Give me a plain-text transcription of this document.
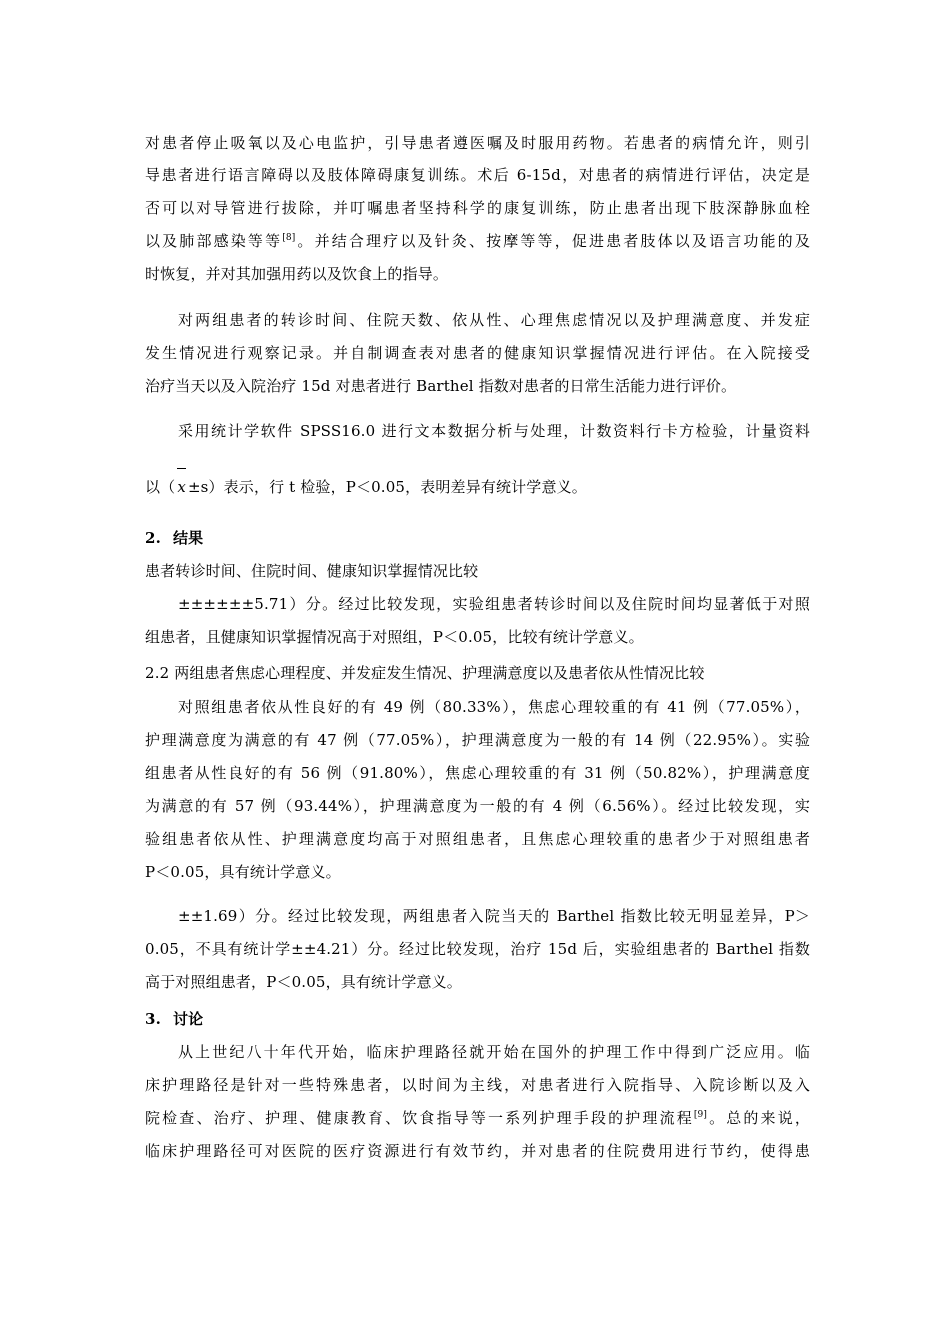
对患者停止吸氧以及心电监护，引导患者遵医嘱及时服用药物。若患者的病情允许，则引
导患者进行语言障碍以及肢体障碍康复训练。术后 6-15d，对患者的病情进行评估，决定是
否可以对导管进行拔除，并叮嘱患者坚持科学的康复训练，防止患者出现下肢深静脉血栓
以及肺部感染等等[8]。并结合理疗以及针灸、按摩等等，促进患者肢体以及语言功能的及
时恢复，并对其加强用药以及饮食上的指导。
对两组患者的转诊时间、住院天数、依从性、心理焦虑情况以及护理满意度、并发症
发生情况进行观察记录。并自制调查表对患者的健康知识掌握情况进行评估。在入院接受
治疗当天以及入院治疗 15d 对患者进行 Barthel 指数对患者的日常生活能力进行评价。
采用统计学软件 SPSS16.0 进行文本数据分析与处理，计数资料行卡方检验，计量资料
以（ x ±s）表示，行 t 检验，P＜0.05，表明差异有统计学意义。
2. 结果
患者转诊时间、住院时间、健康知识掌握情况比较
±±±±±±5.71）分。经过比较发现，实验组患者转诊时间以及住院时间均显著低于对照
组患者，且健康知识掌握情况高于对照组，P＜0.05，比较有统计学意义。
2.2 两组患者焦虑心理程度、并发症发生情况、护理满意度以及患者依从性情况比较
对照组患者依从性良好的有 49 例（80.33%），焦虑心理较重的有 41 例（77.05%），
护理满意度为满意的有 47 例（77.05%），护理满意度为一般的有 14 例（22.95%）。实验
组患者从性良好的有 56 例（91.80%），焦虑心理较重的有 31 例（50.82%），护理满意度
为满意的有 57 例（93.44%），护理满意度为一般的有 4 例（6.56%）。经过比较发现，实
验组患者依从性、护理满意度均高于对照组患者，且焦虑心理较重的患者少于对照组患者
P＜0.05，具有统计学意义。
±±1.69）分。经过比较发现，两组患者入院当天的 Barthel 指数比较无明显差异，P＞
0.05，不具有统计学±±4.21）分。经过比较发现，治疗 15d 后，实验组患者的 Barthel 指数
高于对照组患者，P＜0.05，具有统计学意义。
3. 讨论
从上世纪八十年代开始，临床护理路径就开始在国外的护理工作中得到广泛应用。临
床护理路径是针对一些特殊患者，以时间为主线，对患者进行入院指导、入院诊断以及入
院检查、治疗、护理、健康教育、饮食指导等一系列护理手段的护理流程[9]。总的来说，
临床护理路径可对医院的医疗资源进行有效节约，并对患者的住院费用进行节约，使得患
